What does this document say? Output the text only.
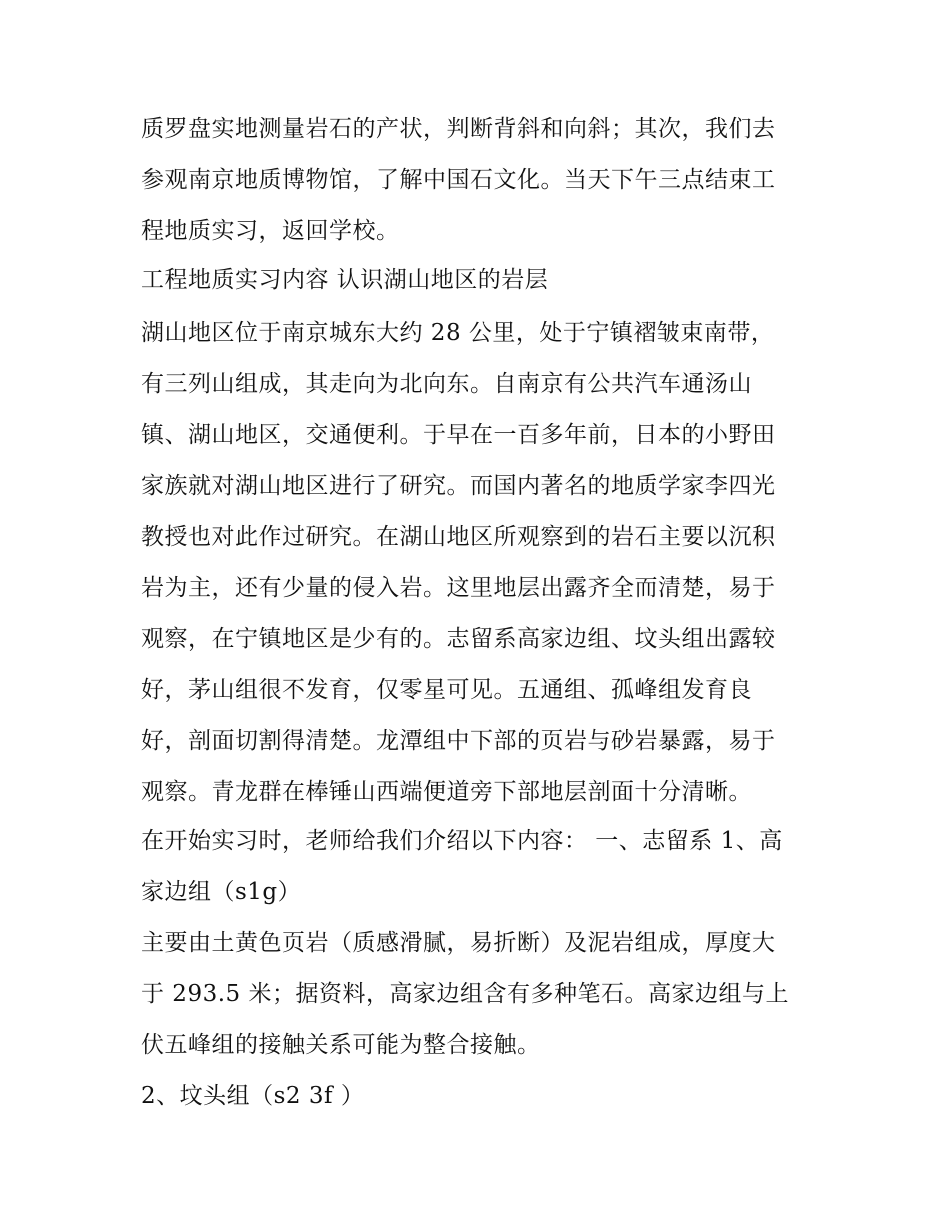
质罗盘实地测量岩石的产状，判断背斜和向斜；其次，我们去
参观南京地质博物馆，了解中国石文化。当天下午三点结束工
程地质实习，返回学校。
工程地质实习内容 认识湖山地区的岩层
湖山地区位于南京城东大约 28 公里，处于宁镇褶皱束南带，
有三列山组成，其走向为北向东。自南京有公共汽车通汤山
镇、湖山地区，交通便利。于早在一百多年前，日本的小野田
家族就对湖山地区进行了研究。而国内著名的地质学家李四光
教授也对此作过研究。在湖山地区所观察到的岩石主要以沉积
岩为主，还有少量的侵入岩。这里地层出露齐全而清楚，易于
观察，在宁镇地区是少有的。志留系高家边组、坟头组出露较
好，茅山组很不发育，仅零星可见。五通组、孤峰组发育良
好，剖面切割得清楚。龙潭组中下部的页岩与砂岩暴露，易于
观察。青龙群在棒锤山西端便道旁下部地层剖面十分清晰。
在开始实习时，老师给我们介绍以下内容： 一、志留系 1、高
家边组（s1g）
主要由土黄色页岩（质感滑腻，易折断）及泥岩组成，厚度大
于 293.5 米；据资料，高家边组含有多种笔石。高家边组与上
伏五峰组的接触关系可能为整合接触。
2、坟头组（s2 3f ）
